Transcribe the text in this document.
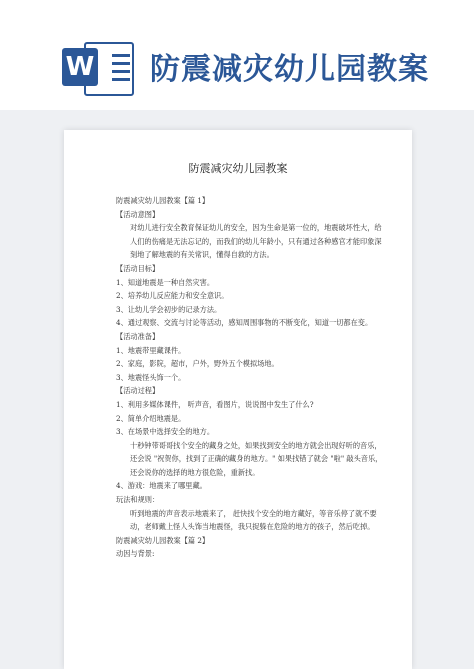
W 防震减灾幼儿园教案
防震减灾幼儿园教案

防震减灾幼儿园教案【篇 1】

【活动意图】

对幼儿进行安全教育保证幼儿的安全，因为生命是第一位的，地震破坏性大，给人们的伤痛是无法忘记的，而我们的幼儿年龄小，只有通过各种感官才能印象深刻地了解地震的有关常识，懂得自救的方法。

【活动目标】

1、知道地震是一种自然灾害。

2、培养幼儿反应能力和安全意识。

3、让幼儿学会初步的记录方法。

4、通过观察、交流与讨论等活动，感知周围事物的不断变化，知道一切都在变。

【活动准备】

1、地震带里藏课件。

2、家庭，影院，超市，户外，野外五个模拟场地。

3、地震怪头饰一个。

【活动过程】

1、利用多媒体课件， 听声音，看图片，说说图中发生了什么?

2、简单介绍地震是。

3、在场景中选择安全的地方。

十秒钟带哥哥找个安全的藏身之处，如果找到安全的地方就会出现好听的音乐，还会说 "祝贺你，找到了正确的藏身的地方。" 如果找错了就会 "啦" 敲头音乐，还会说你的选择的地方很危险，重新找。

4、游戏：地震来了哪里藏。

玩法和规则：

听到地震的声音表示地震来了， 赶快找个安全的地方藏好，等音乐停了就不要动，老师戴上怪人头饰当地震怪，我只捉躲在危险的地方的孩子，然后吃掉。

防震减灾幼儿园教案【篇 2】

动因与背景:
